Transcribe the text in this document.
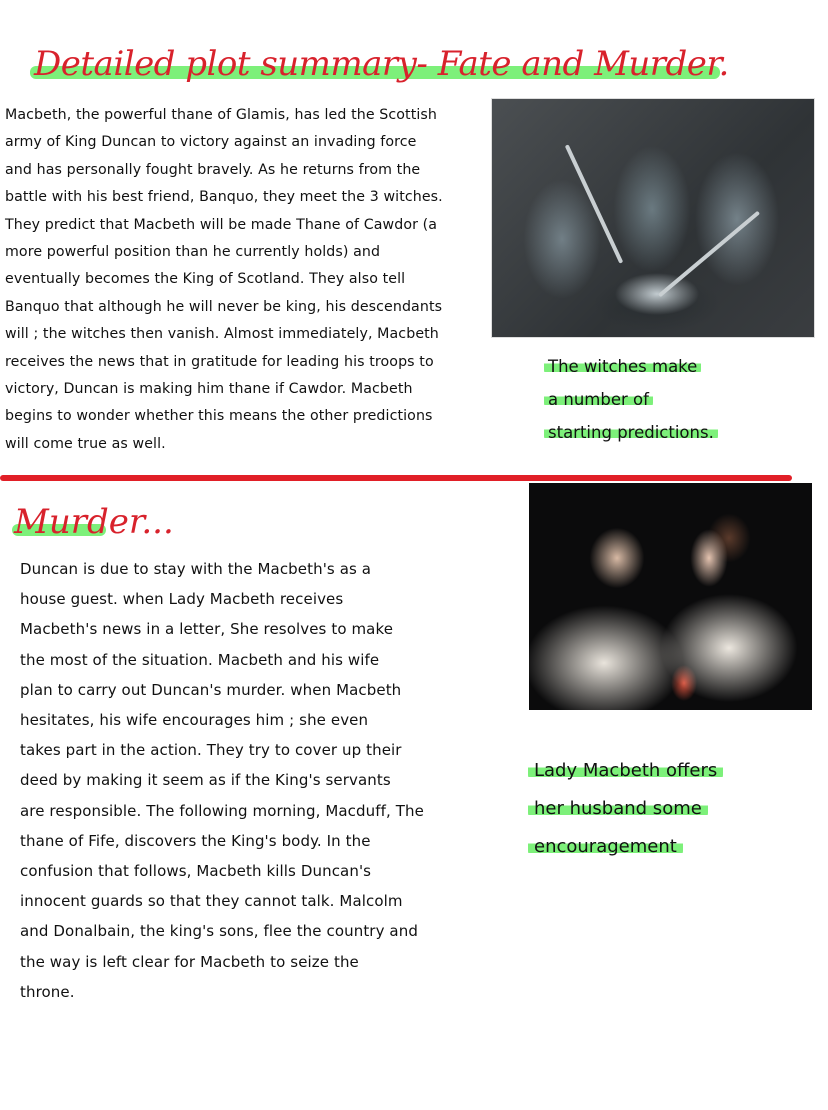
Detailed plot summary- Fate and Murder.
Macbeth, the powerful thane of Glamis, has led the Scottish
army of King Duncan to victory against an invading force
and has personally fought bravely. As he returns from the
battle with his best friend, Banquo, they meet the 3 witches.
They predict that Macbeth will be made Thane of Cawdor (a
more powerful position than he currently holds) and
eventually becomes the King of Scotland. They also tell
Banquo that although he will never be king, his descendants
will ; the witches then vanish. Almost immediately, Macbeth
receives the news that in gratitude for leading his troops to
victory, Duncan is making him thane if Cawdor. Macbeth
begins to wonder whether this means the other predictions
will come true as well.
The witches make
a number of
starting predictions.
Murder...
Duncan is due to stay with the Macbeth's as a
house guest. when Lady Macbeth receives
Macbeth's news in a letter, She resolves to make
the most of the situation. Macbeth and his wife
plan to carry out Duncan's murder. when Macbeth
hesitates, his wife encourages him ; she even
takes part in the action. They try to cover up their
deed by making it seem as if the King's servants
are responsible. The following morning, Macduff, The
thane of Fife, discovers the King's body. In the
confusion that follows, Macbeth kills Duncan's
innocent guards so that they cannot talk. Malcolm
and Donalbain, the king's sons, flee the country and
the way is left clear for Macbeth to seize the
throne.
Lady Macbeth offers
her husband some
encouragement
